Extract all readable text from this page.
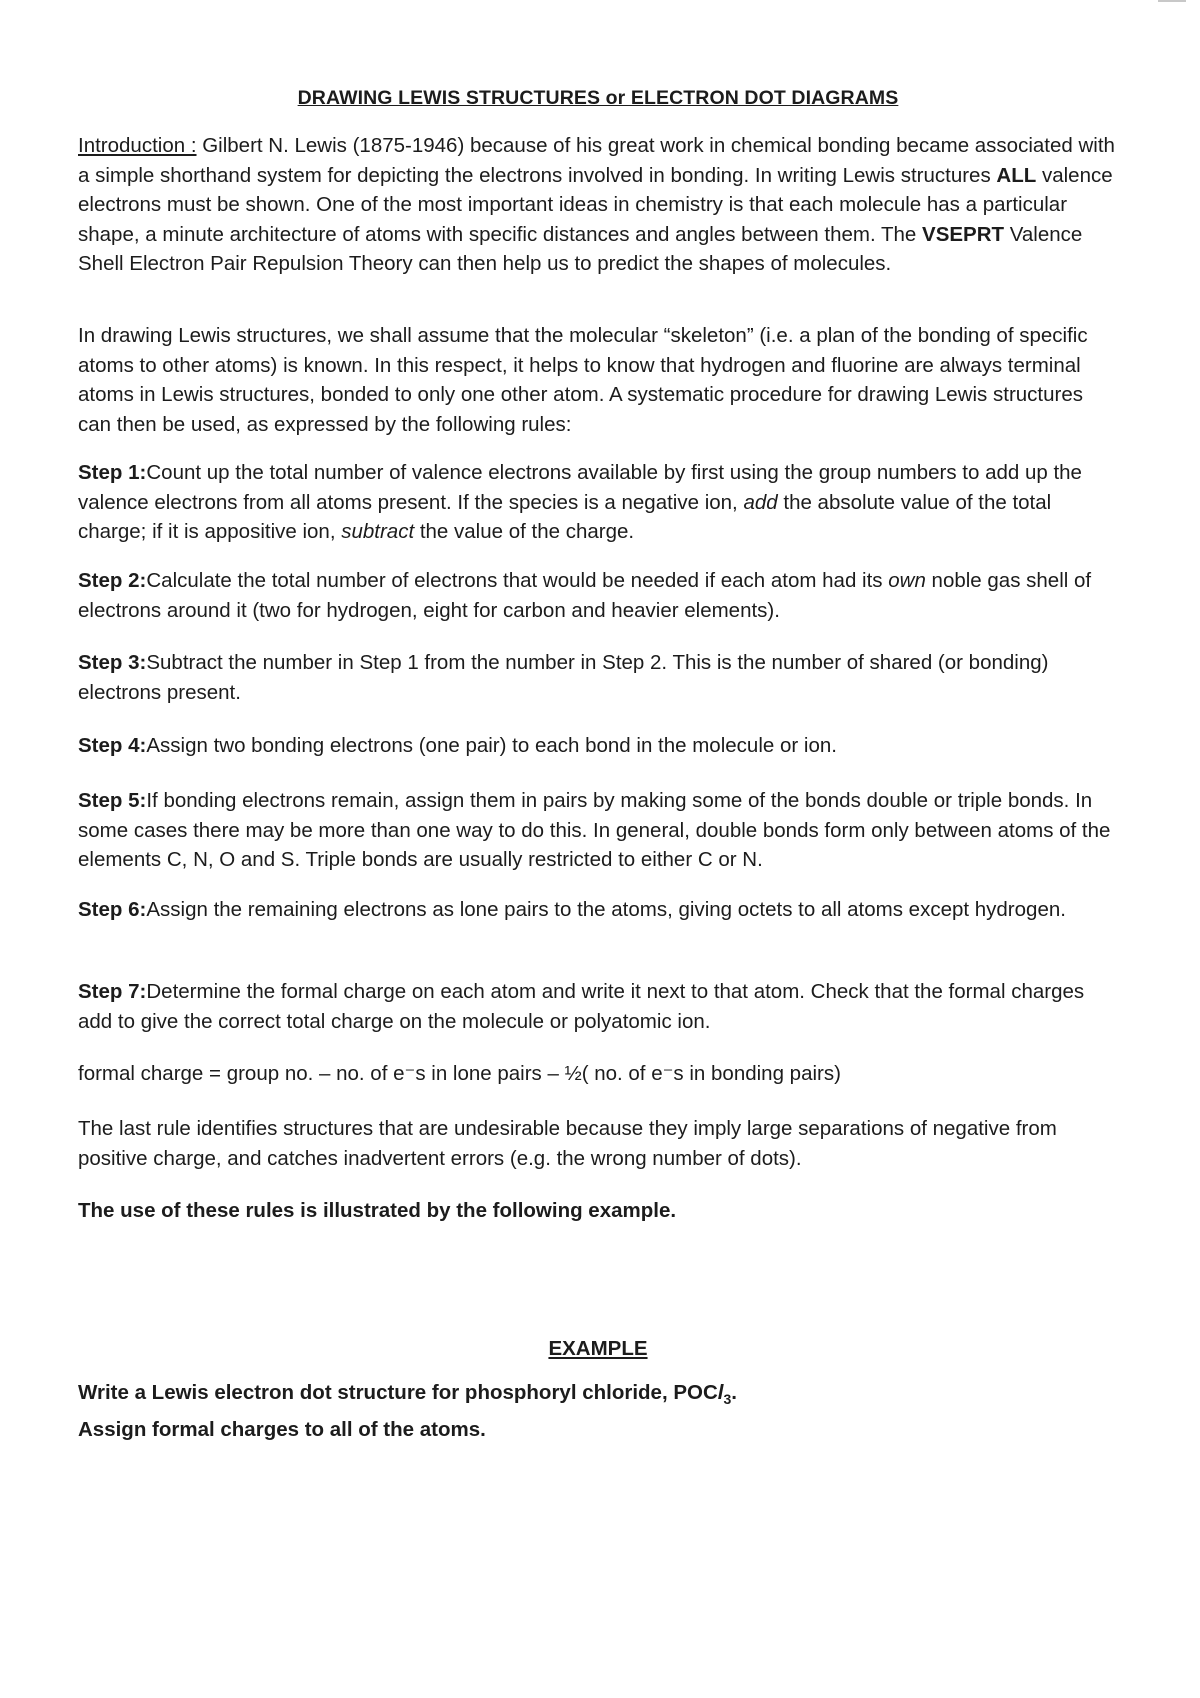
DRAWING LEWIS STRUCTURES or ELECTRON DOT DIAGRAMS

Introduction : Gilbert N. Lewis (1875-1946) because of his great work in chemical bonding became associated with a simple shorthand system for depicting the electrons involved in bonding. In writing Lewis structures ALL valence electrons must be shown. One of the most important ideas in chemistry is that each molecule has a particular shape, a minute architecture of atoms with specific distances and angles between them. The VSEPRT Valence Shell Electron Pair Repulsion Theory can then help us to predict the shapes of molecules.

In drawing Lewis structures, we shall assume that the molecular “skeleton” (i.e. a plan of the bonding of specific atoms to other atoms) is known. In this respect, it helps to know that hydrogen and fluorine are always terminal atoms in Lewis structures, bonded to only one other atom. A systematic procedure for drawing Lewis structures can then be used, as expressed by the following rules:

Step 1:Count up the total number of valence electrons available by first using the group numbers to add up the valence electrons from all atoms present. If the species is a negative ion, add the absolute value of the total charge; if it is appositive ion, subtract the value of the charge.

Step 2:Calculate the total number of electrons that would be needed if each atom had its own noble gas shell of electrons around it (two for hydrogen, eight for carbon and heavier elements).

Step 3:Subtract the number in Step 1 from the number in Step 2. This is the number of shared (or bonding) electrons present.

Step 4:Assign two bonding electrons (one pair) to each bond in the molecule or ion.

Step 5:If bonding electrons remain, assign them in pairs by making some of the bonds double or triple bonds. In some cases there may be more than one way to do this. In general, double bonds form only between atoms of the elements C, N, O and S. Triple bonds are usually restricted to either C or N.

Step 6:Assign the remaining electrons as lone pairs to the atoms, giving octets to all atoms except hydrogen.

Step 7:Determine the formal charge on each atom and write it next to that atom. Check that the formal charges add to give the correct total charge on the molecule or polyatomic ion.

formal charge = group no. – no. of e⁻s in lone pairs – ½( no. of e⁻s in bonding pairs)

The last rule identifies structures that are undesirable because they imply large separations of negative from positive charge, and catches inadvertent errors (e.g. the wrong number of dots).

The use of these rules is illustrated by the following example.

EXAMPLE

Write a Lewis electron dot structure for phosphoryl chloride, POCl$_3$.
Assign formal charges to all of the atoms.
